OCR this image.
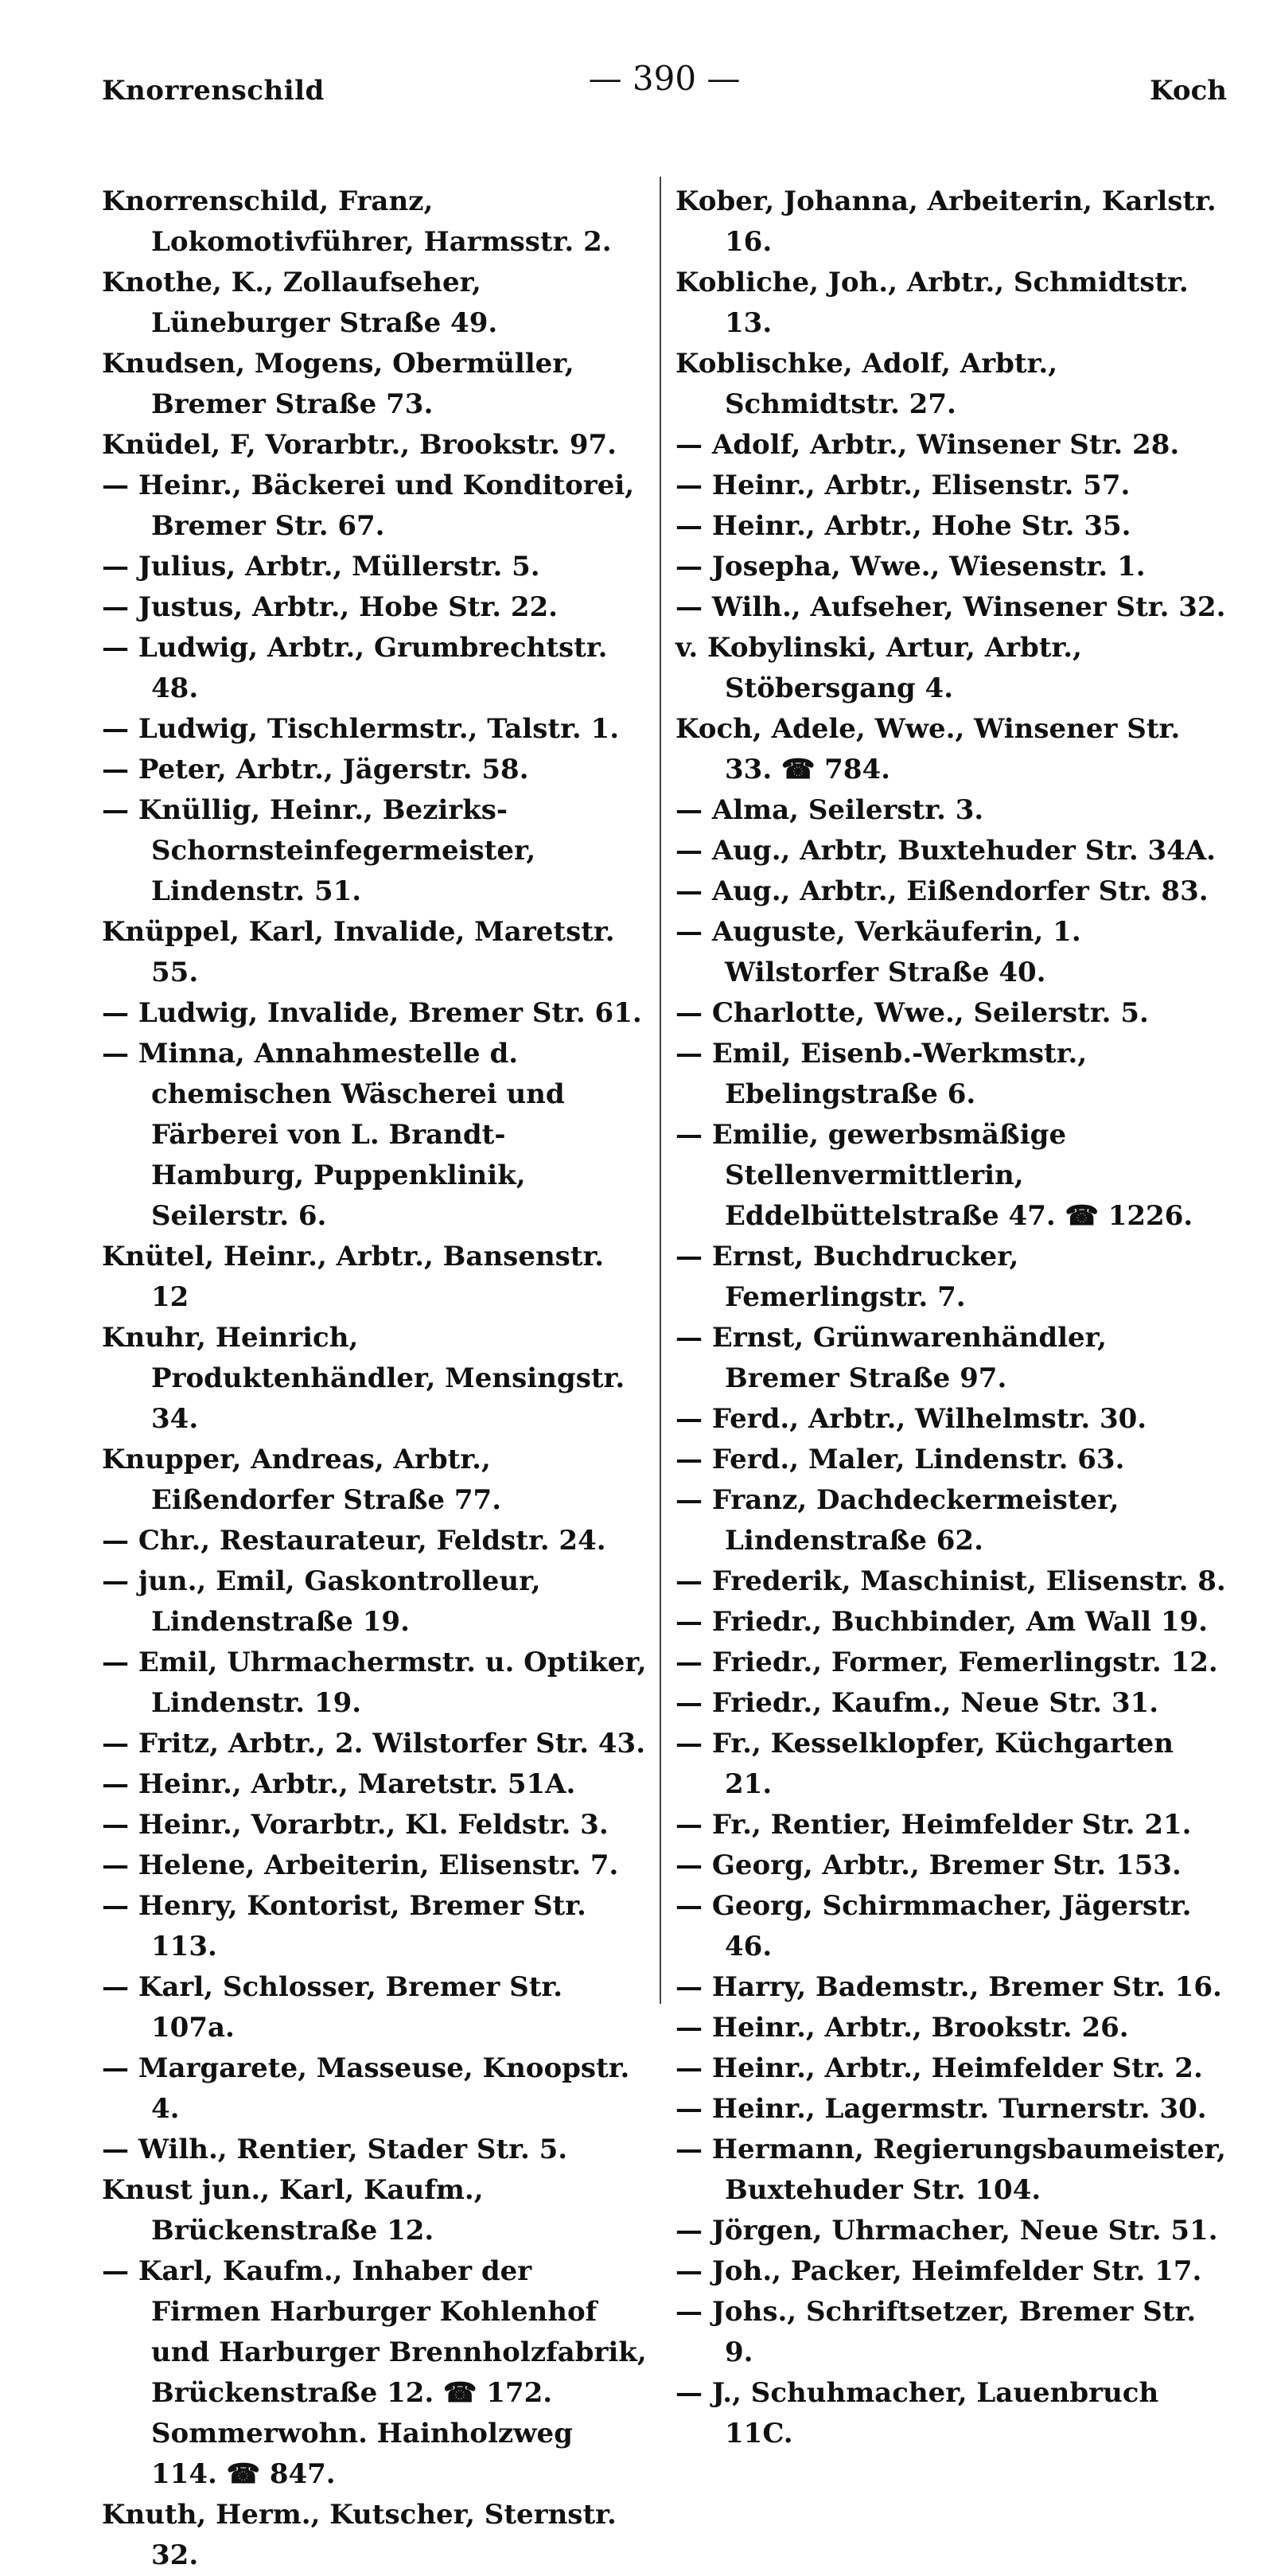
Knorrenschild	— 390 —	Koch
Knorrenschild, Franz, Lokomotivführer, Harmsstr. 2.
Knothe, K., Zollaufseher, Lüneburger Straße 49.
Knudsen, Mogens, Obermüller, Bremer Straße 73.
Knüdel, F, Vorarbtr., Brookstr. 97.
— Heinr., Bäckerei und Konditorei, Bremer Str. 67.
— Julius, Arbtr., Müllerstr. 5.
— Justus, Arbtr., Hobe Str. 22.
— Ludwig, Arbtr., Grumbrechtstr. 48.
— Ludwig, Tischlermstr., Talstr. 1.
— Peter, Arbtr., Jägerstr. 58.
— Knüllig, Heinr., Bezirks-Schornsteinfegermeister, Lindenstr. 51.
Knüppel, Karl, Invalide, Maretstr. 55.
— Ludwig, Invalide, Bremer Str. 61.
— Minna, Annahmestelle d. chemischen Wäscherei und Färberei von L. Brandt-Hamburg, Puppenklinik, Seilerstr. 6.
Knütel, Heinr., Arbtr., Bansenstr. 12
Knuhr, Heinrich, Produktenhändler, Mensingstr. 34.
Knupper, Andreas, Arbtr., Eißendorfer Straße 77.
— Chr., Restaurateur, Feldstr. 24.
— jun., Emil, Gaskontrolleur, Lindenstraße 19.
— Emil, Uhrmachermstr. u. Optiker, Lindenstr. 19.
— Fritz, Arbtr., 2. Wilstorfer Str. 43.
— Heinr., Arbtr., Maretstr. 51A.
— Heinr., Vorarbtr., Kl. Feldstr. 3.
— Helene, Arbeiterin, Elisenstr. 7.
— Henry, Kontorist, Bremer Str. 113.
— Karl, Schlosser, Bremer Str. 107a.
— Margarete, Masseuse, Knoopstr. 4.
— Wilh., Rentier, Stader Str. 5.
Knust jun., Karl, Kaufm., Brückenstraße 12.
— Karl, Kaufm., Inhaber der Firmen Harburger Kohlenhof und Harburger Brennholzfabrik, Brückenstraße 12. ☎ 172. Sommerwohn. Hainholzweg 114. ☎ 847.
Knuth, Herm., Kutscher, Sternstr. 32.
Kober, Johanna, Arbeiterin, Karlstr. 16.
Kobliche, Joh., Arbtr., Schmidtstr. 13.
Koblischke, Adolf, Arbtr., Schmidtstr. 27.
— Adolf, Arbtr., Winsener Str. 28.
— Heinr., Arbtr., Elisenstr. 57.
— Heinr., Arbtr., Hohe Str. 35.
— Josepha, Wwe., Wiesenstr. 1.
— Wilh., Aufseher, Winsener Str. 32.
v. Kobylinski, Artur, Arbtr., Stöbersgang 4.
Koch, Adele, Wwe., Winsener Str. 33. ☎ 784.
— Alma, Seilerstr. 3.
— Aug., Arbtr, Buxtehuder Str. 34A.
— Aug., Arbtr., Eißendorfer Str. 83.
— Auguste, Verkäuferin, 1. Wilstorfer Straße 40.
— Charlotte, Wwe., Seilerstr. 5.
— Emil, Eisenb.-Werkmstr., Ebelingstraße 6.
— Emilie, gewerbsmäßige Stellenvermittlerin, Eddelbüttelstraße 47. ☎ 1226.
— Ernst, Buchdrucker, Femerlingstr. 7.
— Ernst, Grünwarenhändler, Bremer Straße 97.
— Ferd., Arbtr., Wilhelmstr. 30.
— Ferd., Maler, Lindenstr. 63.
— Franz, Dachdeckermeister, Lindenstraße 62.
— Frederik, Maschinist, Elisenstr. 8.
— Friedr., Buchbinder, Am Wall 19.
— Friedr., Former, Femerlingstr. 12.
— Friedr., Kaufm., Neue Str. 31.
— Fr., Kesselklopfer, Küchgarten 21.
— Fr., Rentier, Heimfelder Str. 21.
— Georg, Arbtr., Bremer Str. 153.
— Georg, Schirmmacher, Jägerstr. 46.
— Harry, Bademstr., Bremer Str. 16.
— Heinr., Arbtr., Brookstr. 26.
— Heinr., Arbtr., Heimfelder Str. 2.
— Heinr., Lagermstr. Turnerstr. 30.
— Hermann, Regierungsbaumeister, Buxtehuder Str. 104.
— Jörgen, Uhrmacher, Neue Str. 51.
— Joh., Packer, Heimfelder Str. 17.
— Johs., Schriftsetzer, Bremer Str. 9.
— J., Schuhmacher, Lauenbruch 11C.
